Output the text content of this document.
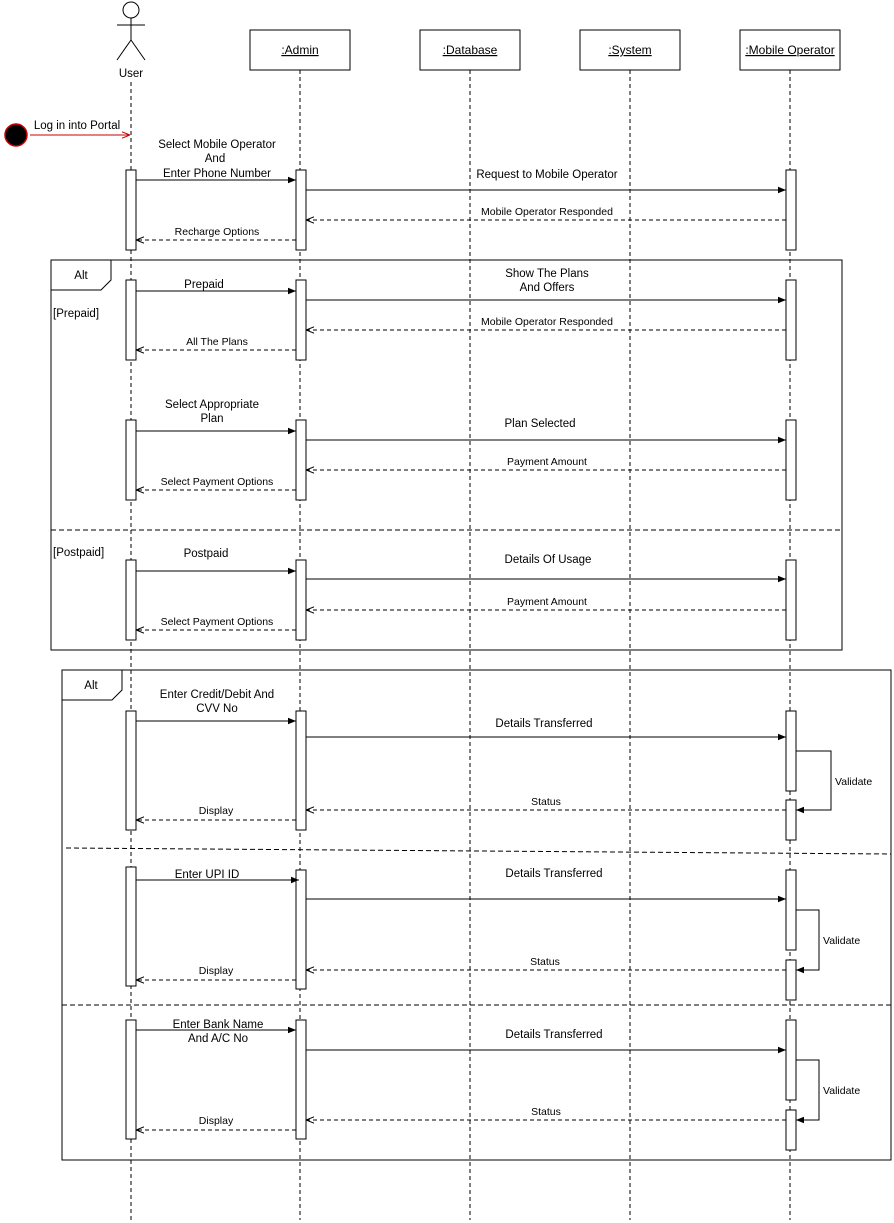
User
:Admin	:Database	:System	:Mobile Operator
Log in into Portal
Alt
[Prepaid]
[Postpaid]
Alt
Select Mobile Operator
And
Enter Phone Number	Request to Mobile Operator
Mobile Operator Responded
Recharge Options
Prepaid
Show The Plans
And Offers
Mobile Operator Responded
All The Plans
Select Appropriate
Plan	Plan Selected
Payment Amount
Select Payment Options
Postpaid	Details Of Usage
Payment Amount
Select Payment Options
Enter Credit/Debit And
CVV No
Details Transferred
Validate
Status
Display
Enter UPI ID	Details Transferred
Validate
Status
Display
Enter Bank Name
And A/C No	Details Transferred
Validate
Status
Display
